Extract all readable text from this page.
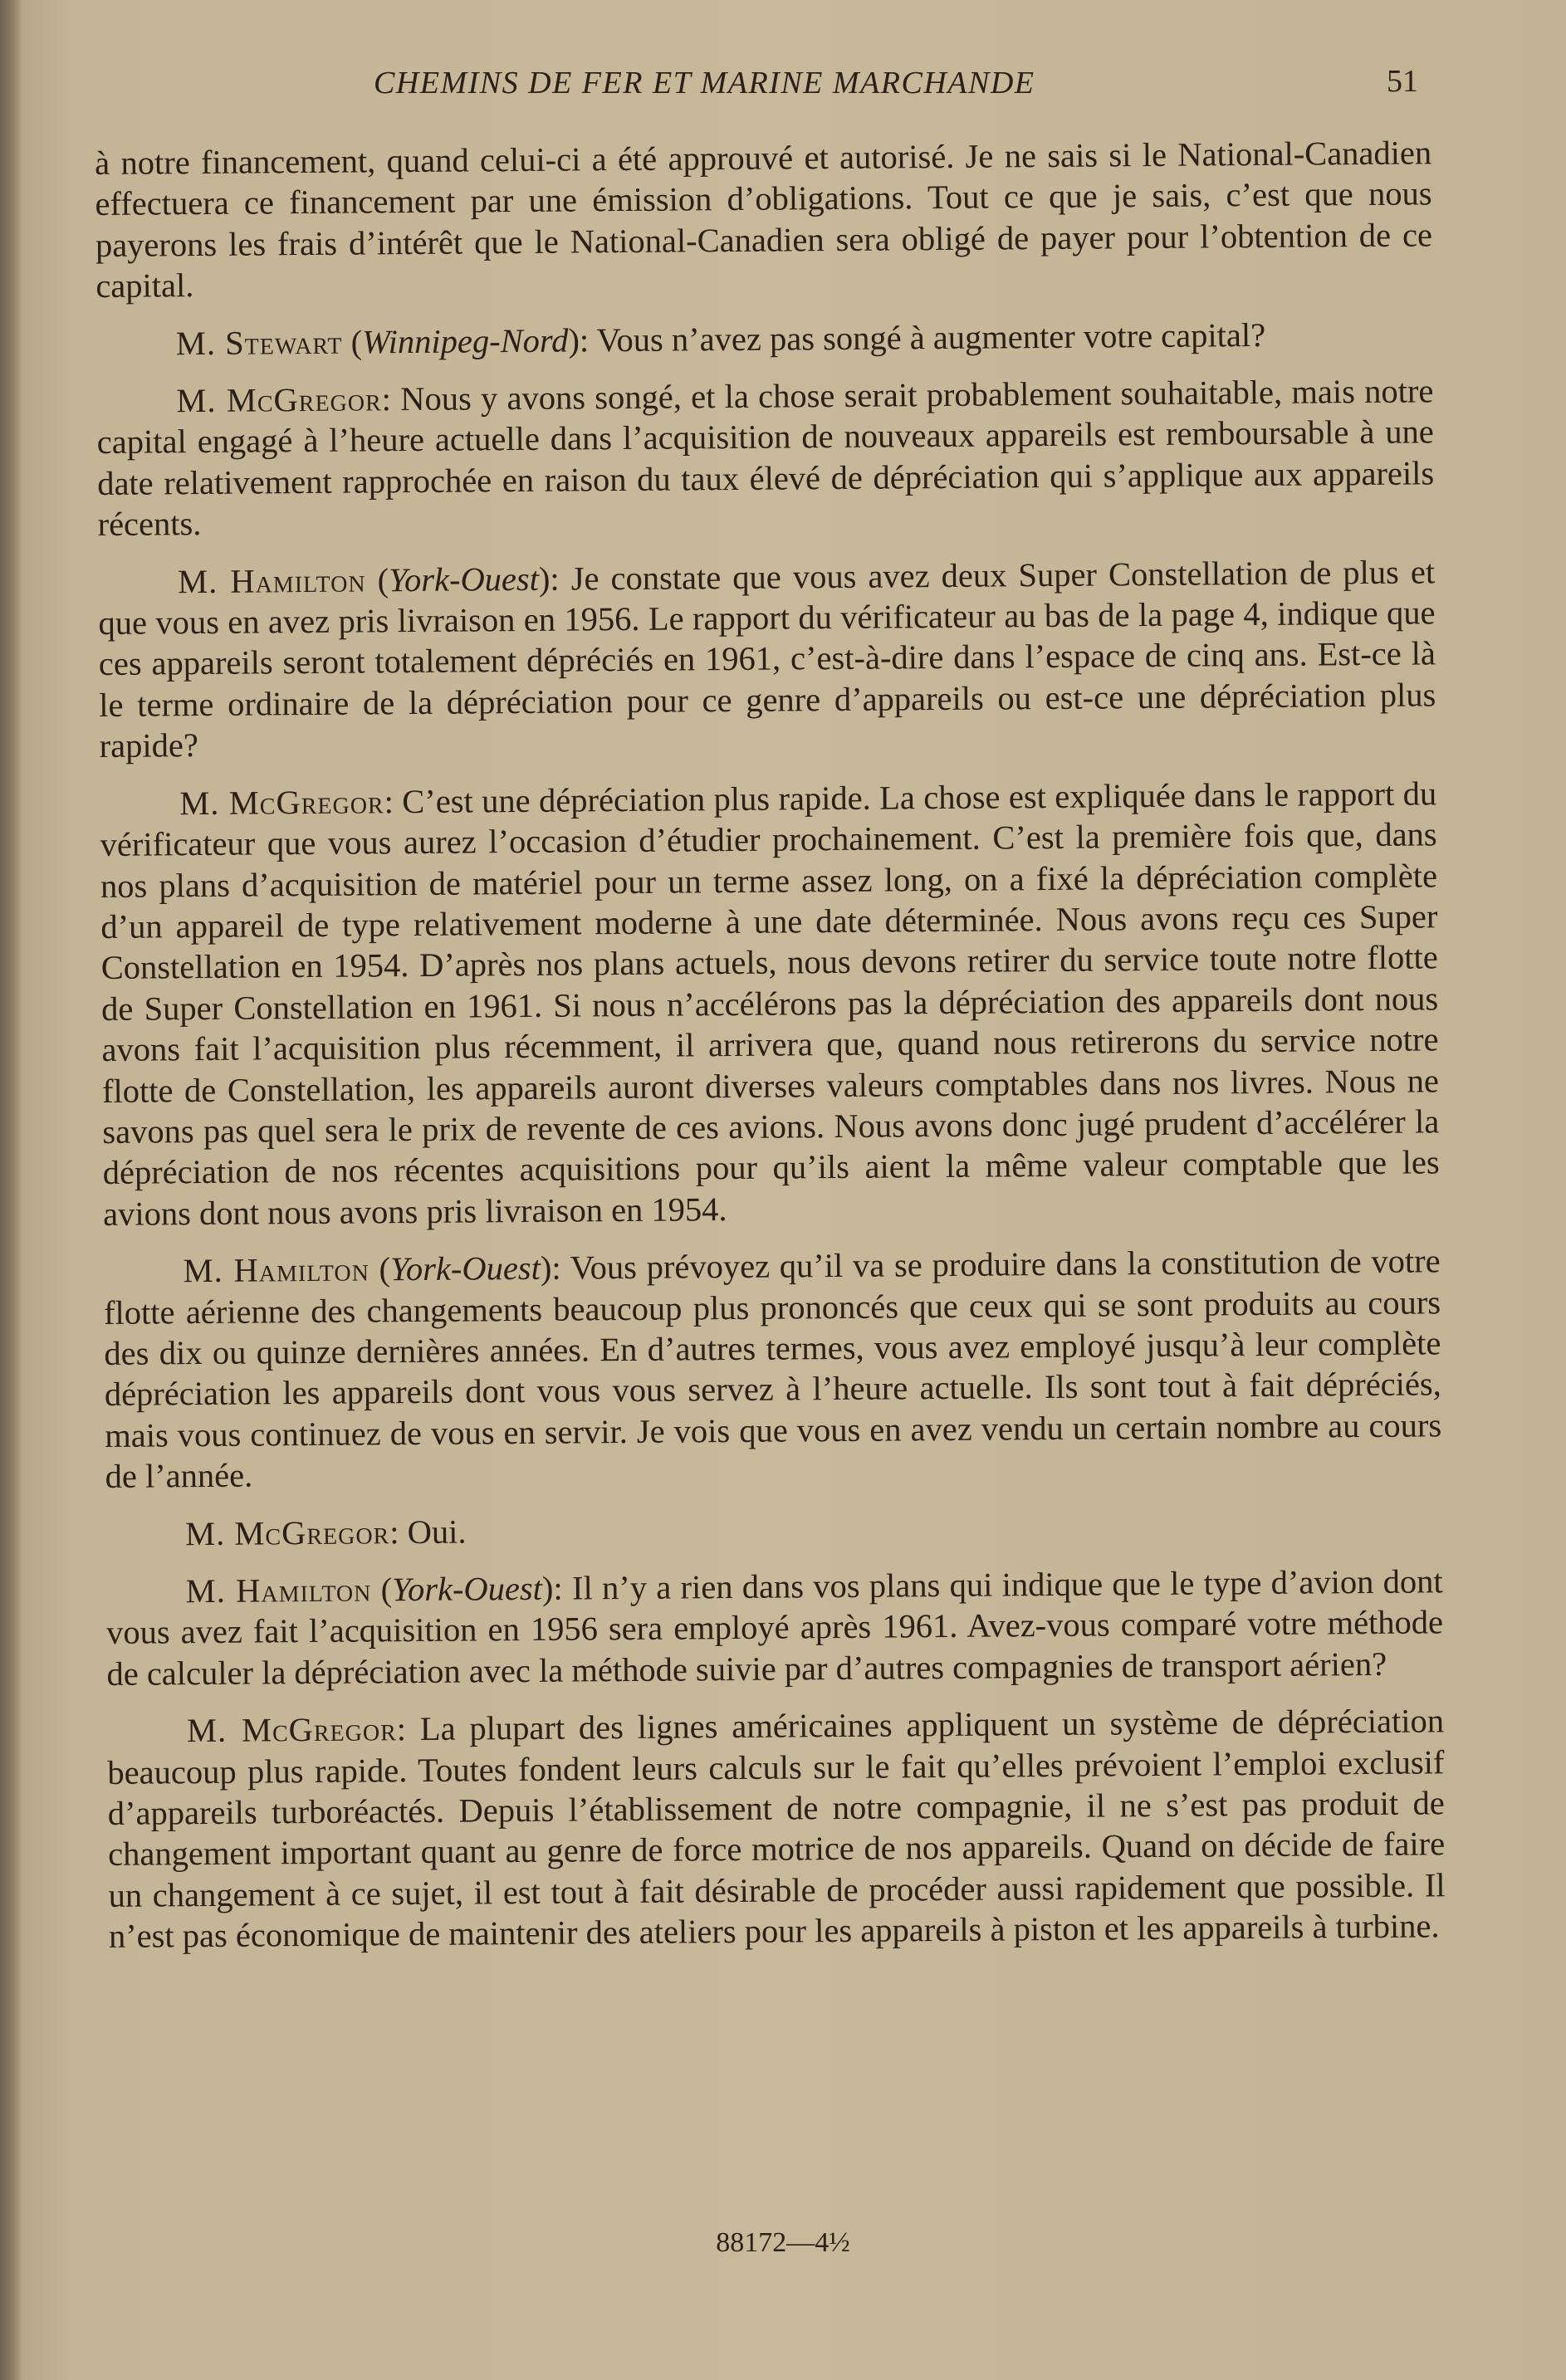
CHEMINS DE FER ET MARINE MARCHANDE	51

à notre financement, quand celui-ci a été approuvé et autorisé. Je ne sais si le National-Canadien effectuera ce financement par une émission d’obligations. Tout ce que je sais, c’est que nous payerons les frais d’intérêt que le National-Canadien sera obligé de payer pour l’obtention de ce capital.

M. Stewart (Winnipeg-Nord): Vous n’avez pas songé à augmenter votre capital?

M. McGregor: Nous y avons songé, et la chose serait probablement souhaitable, mais notre capital engagé à l’heure actuelle dans l’acquisition de nouveaux appareils est remboursable à une date relativement rapprochée en raison du taux élevé de dépréciation qui s’applique aux appareils récents.

M. Hamilton (York-Ouest): Je constate que vous avez deux Super Constellation de plus et que vous en avez pris livraison en 1956. Le rapport du vérificateur au bas de la page 4, indique que ces appareils seront totalement dépréciés en 1961, c’est-à-dire dans l’espace de cinq ans. Est-ce là le terme ordinaire de la dépréciation pour ce genre d’appareils ou est-ce une dépréciation plus rapide?

M. McGregor: C’est une dépréciation plus rapide. La chose est expliquée dans le rapport du vérificateur que vous aurez l’occasion d’étudier prochainement. C’est la première fois que, dans nos plans d’acquisition de matériel pour un terme assez long, on a fixé la dépréciation complète d’un appareil de type relativement moderne à une date déterminée. Nous avons reçu ces Super Constellation en 1954. D’après nos plans actuels, nous devons retirer du service toute notre flotte de Super Constellation en 1961. Si nous n’accélérons pas la dépréciation des appareils dont nous avons fait l’acquisition plus récemment, il arrivera que, quand nous retirerons du service notre flotte de Constellation, les appareils auront diverses valeurs comptables dans nos livres. Nous ne savons pas quel sera le prix de revente de ces avions. Nous avons donc jugé prudent d’accélérer la dépréciation de nos récentes acquisitions pour qu’ils aient la même valeur comptable que les avions dont nous avons pris livraison en 1954.

M. Hamilton (York-Ouest): Vous prévoyez qu’il va se produire dans la constitution de votre flotte aérienne des changements beaucoup plus prononcés que ceux qui se sont produits au cours des dix ou quinze dernières années. En d’autres termes, vous avez employé jusqu’à leur complète dépréciation les appareils dont vous vous servez à l’heure actuelle. Ils sont tout à fait dépréciés, mais vous continuez de vous en servir. Je vois que vous en avez vendu un certain nombre au cours de l’année.

M. McGregor: Oui.

M. Hamilton (York-Ouest): Il n’y a rien dans vos plans qui indique que le type d’avion dont vous avez fait l’acquisition en 1956 sera employé après 1961. Avez-vous comparé votre méthode de calculer la dépréciation avec la méthode suivie par d’autres compagnies de transport aérien?

M. McGregor: La plupart des lignes américaines appliquent un système de dépréciation beaucoup plus rapide. Toutes fondent leurs calculs sur le fait qu’elles prévoient l’emploi exclusif d’appareils turboréactés. Depuis l’établissement de notre compagnie, il ne s’est pas produit de changement important quant au genre de force motrice de nos appareils. Quand on décide de faire un changement à ce sujet, il est tout à fait désirable de procéder aussi rapidement que possible. Il n’est pas économique de maintenir des ateliers pour les appareils à piston et les appareils à turbine.

88172—4½
